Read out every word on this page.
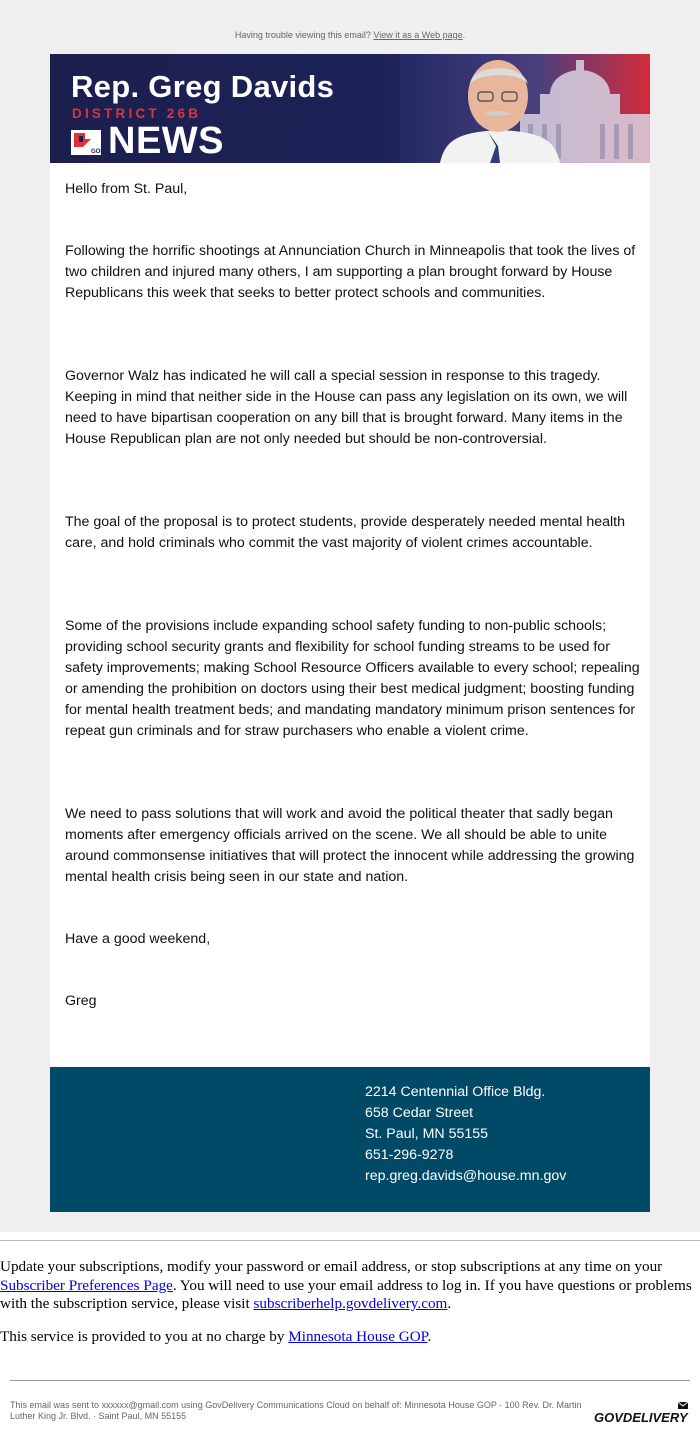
Having trouble viewing this email? View it as a Web page.
Rep. Greg Davids
DISTRICT 26B
GOP NEWS

Hello from St. Paul,

Following the horrific shootings at Annunciation Church in Minneapolis that took the lives of two children and injured many others, I am supporting a plan brought forward by House Republicans this week that seeks to better protect schools and communities.

Governor Walz has indicated he will call a special session in response to this tragedy. Keeping in mind that neither side in the House can pass any legislation on its own, we will need to have bipartisan cooperation on any bill that is brought forward. Many items in the House Republican plan are not only needed but should be non-controversial.

The goal of the proposal is to protect students, provide desperately needed mental health care, and hold criminals who commit the vast majority of violent crimes accountable.

Some of the provisions include expanding school safety funding to non-public schools; providing school security grants and flexibility for school funding streams to be used for safety improvements; making School Resource Officers available to every school; repealing or amending the prohibition on doctors using their best medical judgment; boosting funding for mental health treatment beds; and mandating mandatory minimum prison sentences for repeat gun criminals and for straw purchasers who enable a violent crime.

We need to pass solutions that will work and avoid the political theater that sadly began moments after emergency officials arrived on the scene. We all should be able to unite around commonsense initiatives that will protect the innocent while addressing the growing mental health crisis being seen in our state and nation.

Have a good weekend,

Greg

2214 Centennial Office Bldg.
658 Cedar Street
St. Paul, MN 55155
651-296-9278
rep.greg.davids@house.mn.gov
Update your subscriptions, modify your password or email address, or stop subscriptions at any time on your Subscriber Preferences Page. You will need to use your email address to log in. If you have questions or problems with the subscription service, please visit subscriberhelp.govdelivery.com.
This service is provided to you at no charge by Minnesota House GOP.
This email was sent to xxxxxx@gmail.com using GovDelivery Communications Cloud on behalf of: Minnesota House GOP · 100 Rev. Dr. Martin Luther King Jr. Blvd. · Saint Paul, MN 55155	GOVDELIVERY
